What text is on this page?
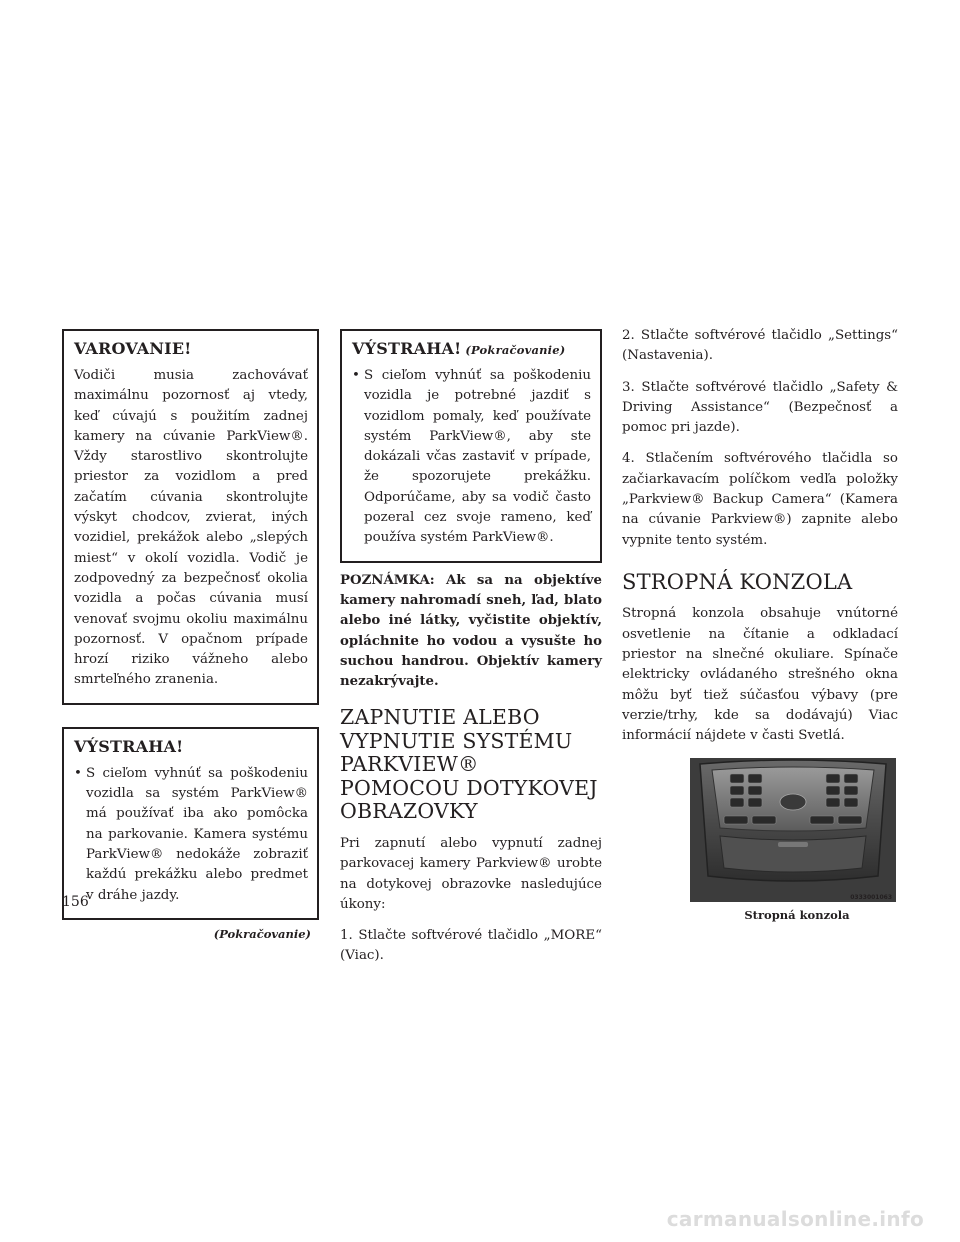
VAROVANIE!

Vodiči musia zachovávať maximálnu pozornosť aj vtedy, keď cúvajú s použitím zadnej kamery na cúvanie ParkView®. Vždy starostlivo skontrolujte priestor za vozidlom a pred začatím cúvania skontrolujte výskyt chodcov, zvierat, iných vozidiel, prekážok alebo „slepých miest“ v okolí vozidla. Vodič je zodpovedný za bezpečnosť okolia vozidla a počas cúvania musí venovať svojmu okoliu maximálnu pozornosť. V opačnom prípade hrozí riziko vážneho alebo smrteľného zranenia.

VÝSTRAHA!
• S cieľom vyhnúť sa poškodeniu vozidla sa systém ParkView® má používať iba ako pomôcka na parkovanie. Kamera systému ParkView® nedokáže zobraziť každú prekážku alebo predmet v dráhe jazdy.
(Pokračovanie)
VÝSTRAHA! (Pokračovanie)
• S cieľom vyhnúť sa poškodeniu vozidla je potrebné jazdiť s vozidlom pomaly, keď používate systém ParkView®, aby ste dokázali včas zastaviť v prípade, že spozorujete prekážku. Odporúčame, aby sa vodič často pozeral cez svoje rameno, keď používa systém ParkView®.
POZNÁMKA: Ak sa na objektíve kamery nahromadí sneh, ľad, blato alebo iné látky, vyčistite objektív, opláchnite ho vodou a vysušte ho suchou handrou. Objektív kamery nezakrývajte.
ZAPNUTIE ALEBO VYPNUTIE SYSTÉMU PARKVIEW® POMOCOU DOTYKOVEJ OBRAZOVKY

Pri zapnutí alebo vypnutí zadnej parkovacej kamery Parkview® urobte na dotykovej obrazovke nasledujúce úkony:

1. Stlačte softvérové tlačidlo „MORE“ (Viac).

2. Stlačte softvérové tlačidlo „Settings“ (Nastavenia).

3. Stlačte softvérové tlačidlo „Safety & Driving Assistance“ (Bezpečnosť a pomoc pri jazde).

4. Stlačením softvérového tlačidla so začiarkavacím políčkom vedľa položky „Parkview® Backup Camera“ (Kamera na cúvanie Parkview®) zapnite alebo vypnite tento systém.

STROPNÁ KONZOLA

Stropná konzola obsahuje vnútorné osvetlenie na čítanie a odkladací priestor na slnečné okuliare. Spínače elektricky ovládaného strešného okna môžu byť tiež súčasťou výbavy (pre verzie/trhy, kde sa dodávajú) Viac informácií nájdete v časti Svetlá.

0333001063
Stropná konzola
156
carmanualsonline.info
